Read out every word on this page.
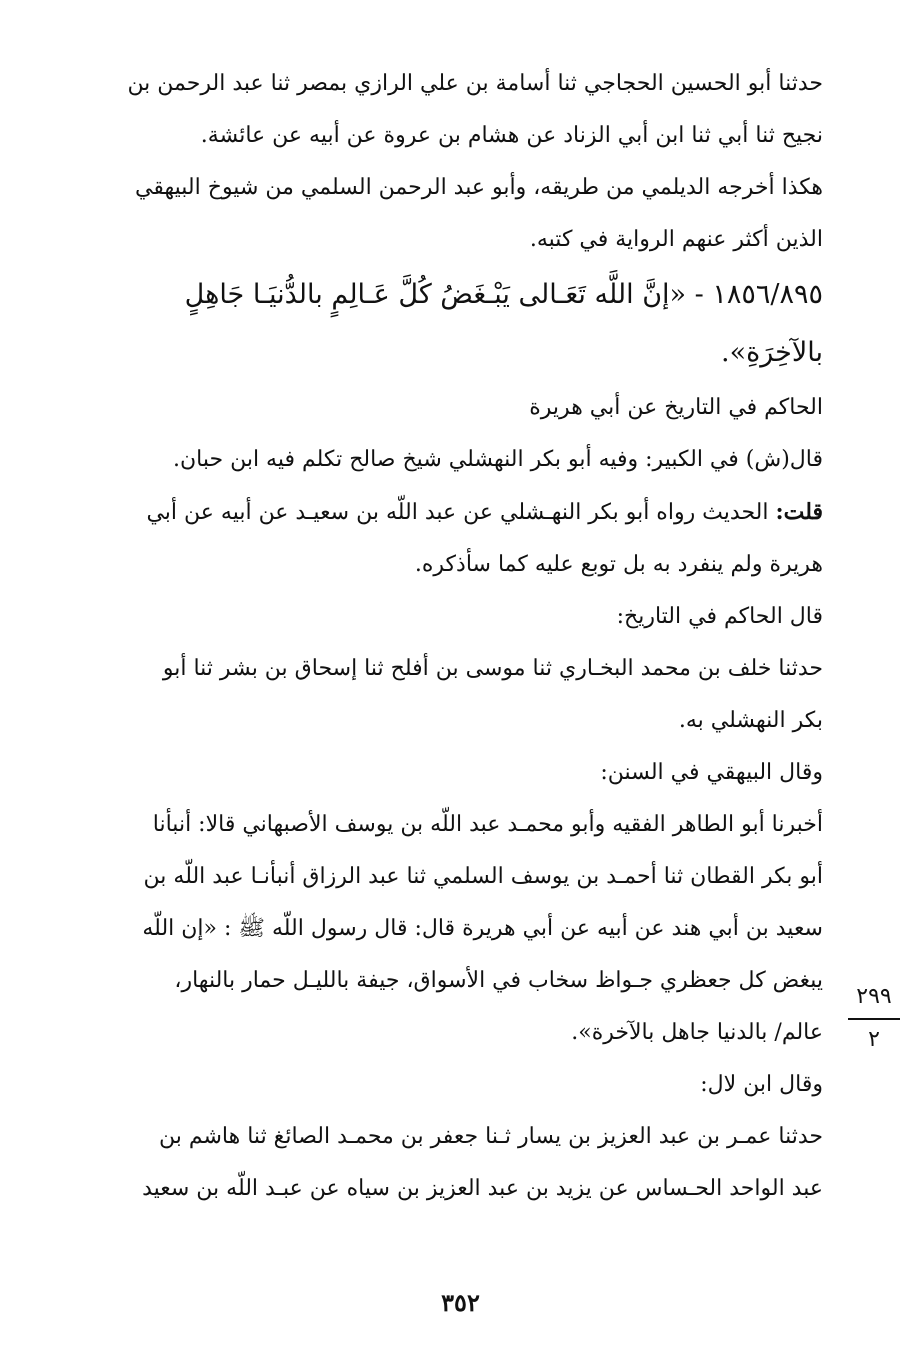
حدثنا أبو الحسين الحجاجي ثنا أسامة بن علي الرازي بمصر ثنا عبد الرحمن بن
نجيح ثنا أبي ثنا ابن أبي الزناد عن هشام بن عروة عن أبيه عن عائشة.
هكذا أخرجه الديلمي من طريقه، وأبو عبد الرحمن السلمي من شيوخ البيهقي
الذين أكثر عنهم الرواية في كتبه.
١٨٥٦/٨٩٥ - «إنَّ اللَّه تَعَـالى يَبْـغَضُ كُلَّ عَـالِمٍ بالدُّنيَـا جَاهِلٍ
بالآخِرَةِ».
الحاكم في التاريخ عن أبي هريرة
قال(ش) في الكبير: وفيه أبو بكر النهشلي شيخ صالح تكلم فيه ابن حبان.
قلت: الحديث رواه أبو بكر النهـشلي عن عبد اللّه بن سعيـد عن أبيه عن أبي
هريرة ولم ينفرد به بل توبع عليه كما سأذكره.
قال الحاكم في التاريخ:
حدثنا خلف بن محمد البخـاري ثنا موسى بن أفلح ثنا إسحاق بن بشر ثنا أبو
بكر النهشلي به.
وقال البيهقي في السنن:
أخبرنا أبو الطاهر الفقيه وأبو محمـد عبد اللّه بن يوسف الأصبهاني قالا: أنبأنا
أبو بكر القطان ثنا أحمـد بن يوسف السلمي ثنا عبد الرزاق أنبأنـا عبد اللّه بن
سعيد بن أبي هند عن أبيه عن أبي هريرة قال: قال رسول اللّه ﷺ : «إن اللّه
يبغض كل جعظري جـواظ سخاب في الأسواق، جيفة بالليـل حمار بالنهار،
عالم/ بالدنيا جاهل بالآخرة».
وقال ابن لال:
حدثنا عمـر بن عبد العزيز بن يسار ثـنا جعفر بن محمـد الصائغ ثنا هاشم بن
عبد الواحد الحـساس عن يزيد بن عبد العزيز بن سياه عن عبـد اللّه بن سعيد
٢٩٩
٢
٣٥٢
